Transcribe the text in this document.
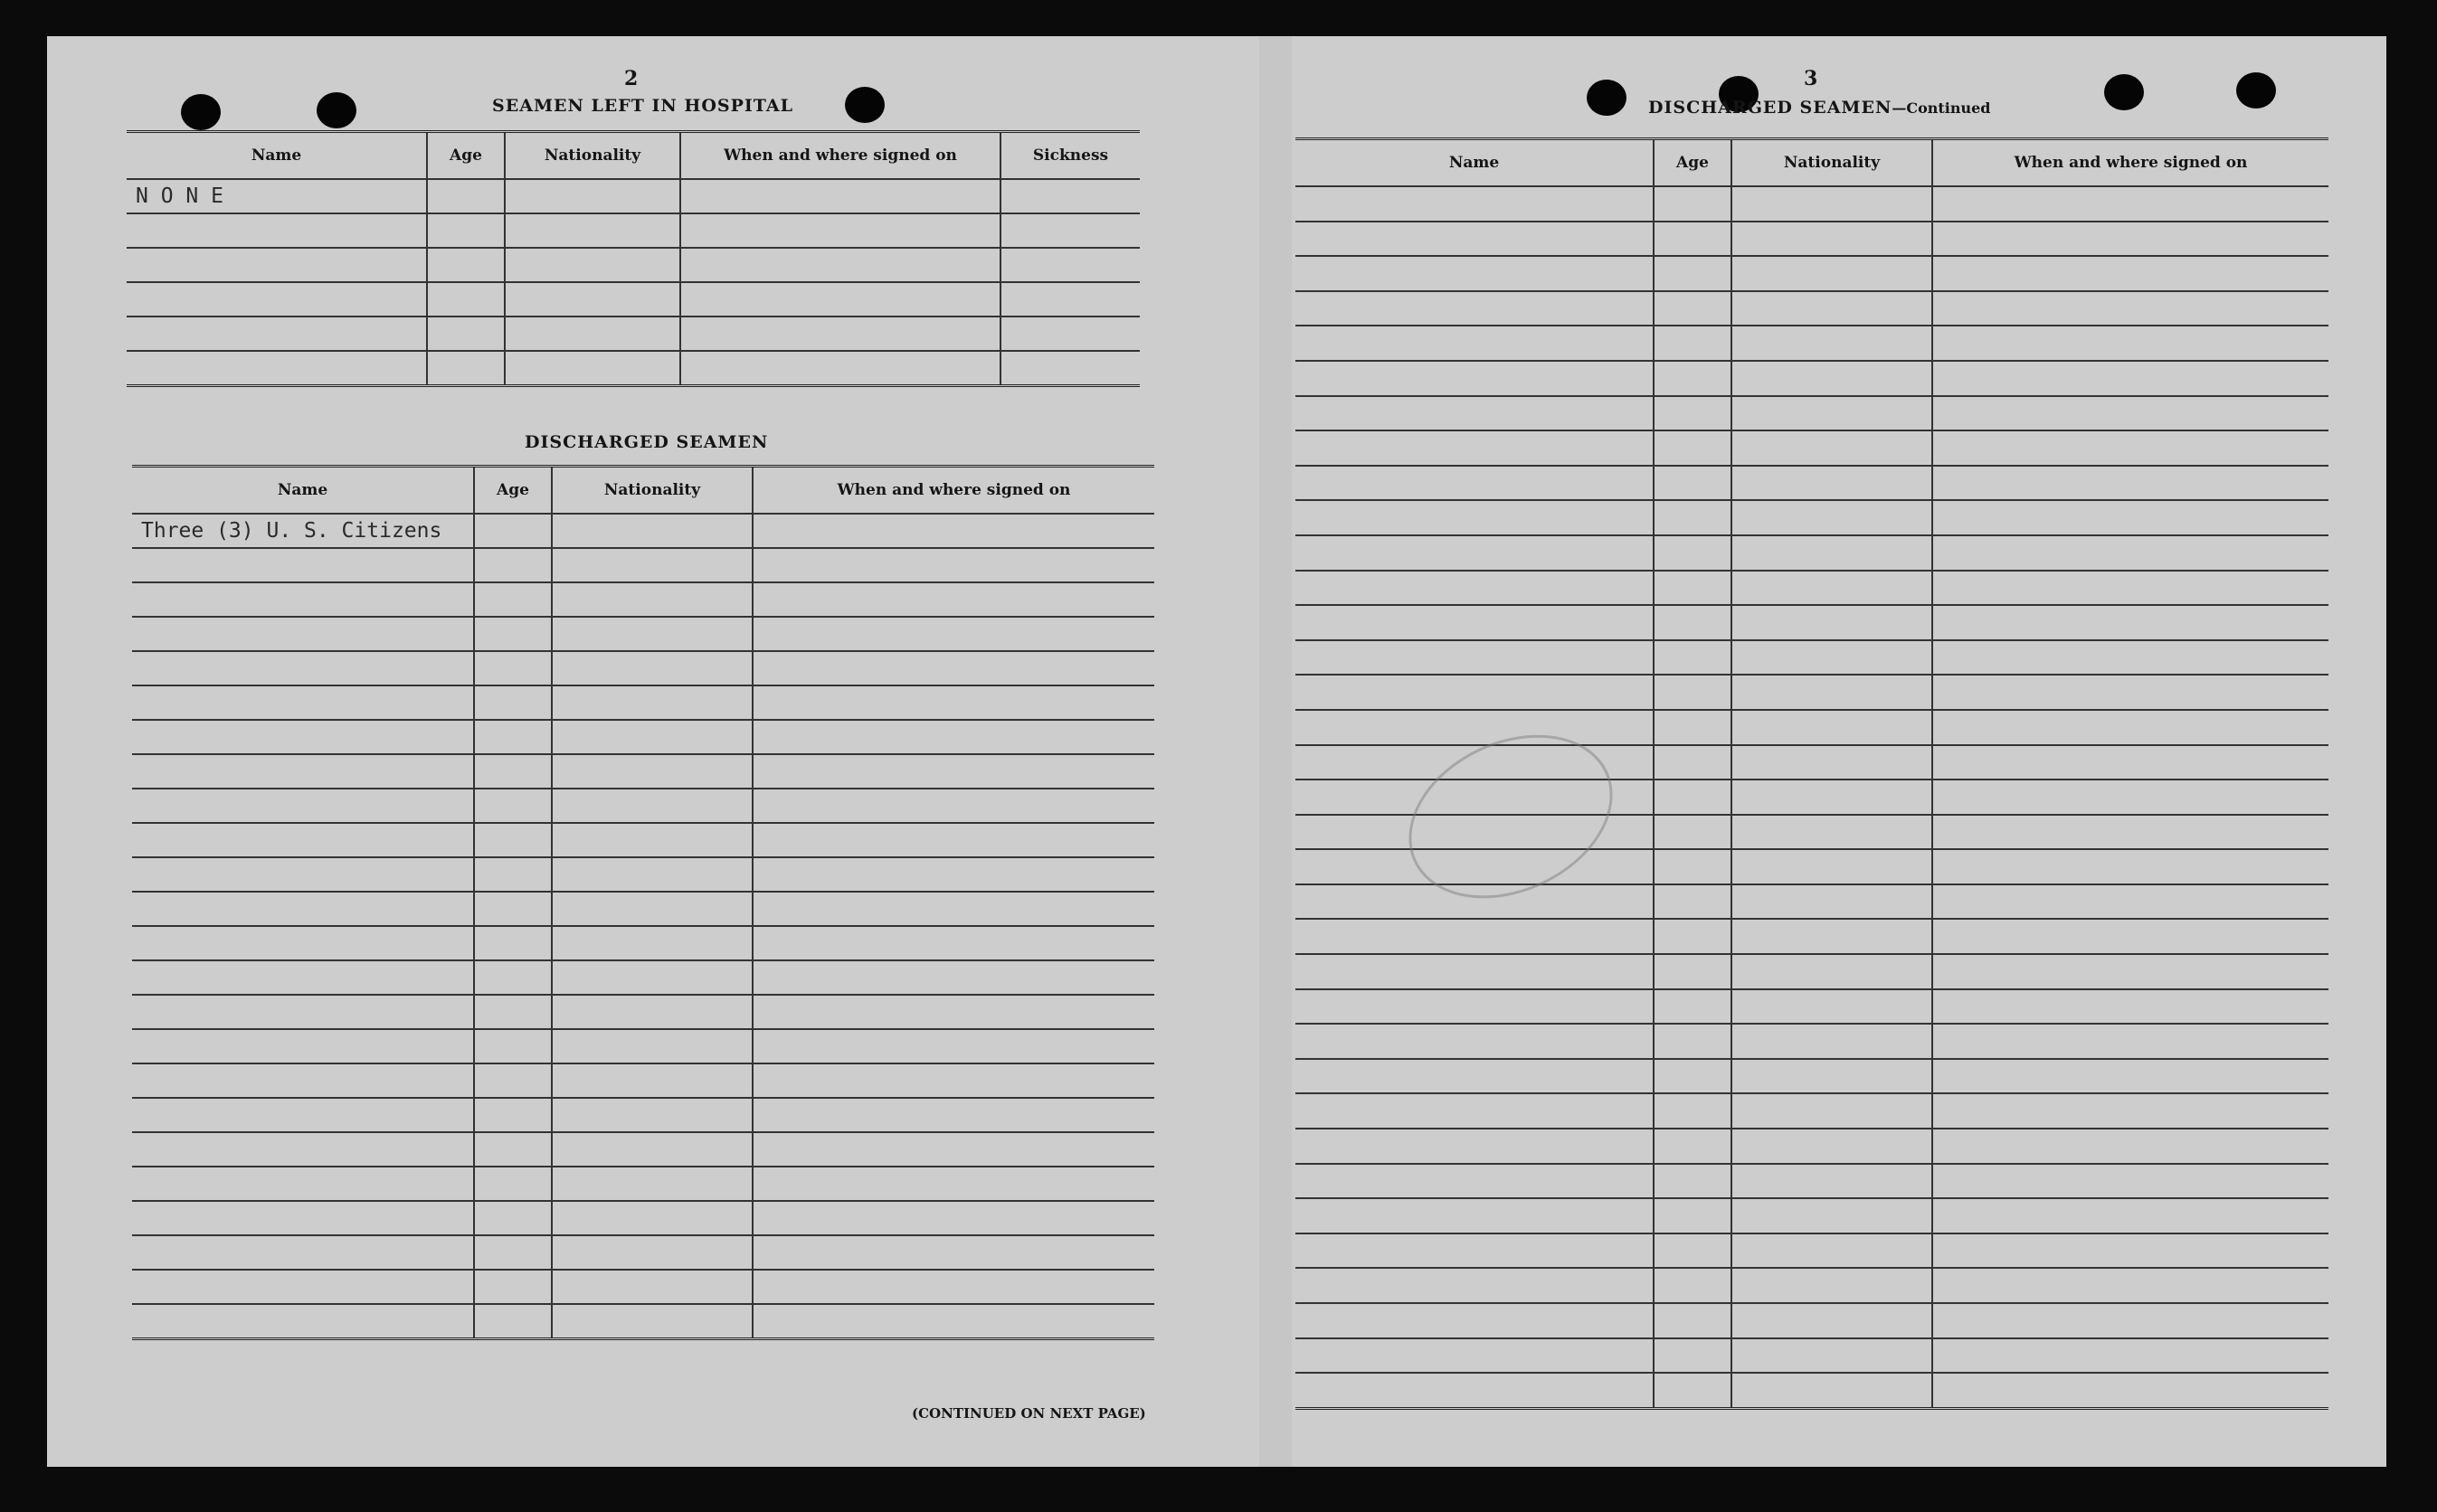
2
SEAMEN LEFT IN HOSPITAL
Name	Age	Nationality	When and where signed on	Sickness
N O N E				

DISCHARGED SEAMEN
Name	Age	Nationality	When and where signed on
Three (3) U. S. Citizens			

(CONTINUED ON NEXT PAGE)
3
DISCHARGED SEAMEN—Continued
Name	Age	Nationality	When and where signed on
